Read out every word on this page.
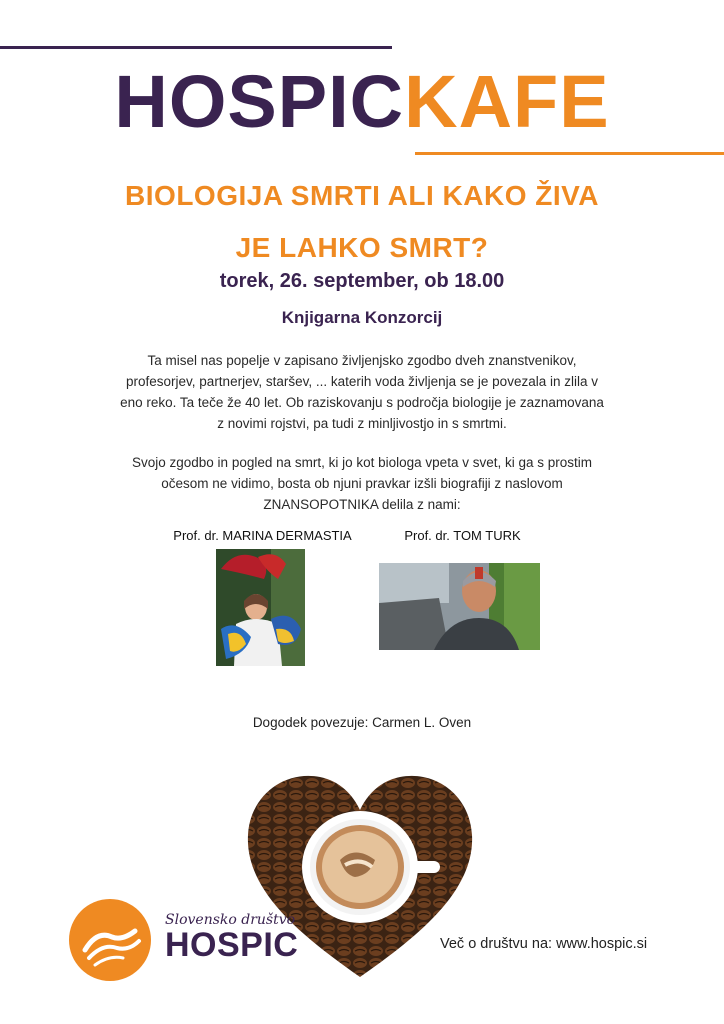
HOSPICKAFE
BIOLOGIJA SMRTI ALI KAKO ŽIVA
JE LAHKO SMRT?
torek, 26. september, ob 18.00
Knjigarna Konzorcij
Ta misel nas popelje v zapisano življenjsko zgodbo dveh znanstvenikov,
profesorjev, partnerjev, staršev, ... katerih voda življenja se je povezala in zlila v
eno reko. Ta teče že 40 let. Ob raziskovanju s področja biologije je zaznamovana
z novimi rojstvi, pa tudi z minljivostjo in s smrtmi.
Svojo zgodbo in pogled na smrt, ki jo kot biologa vpeta v svet, ki ga s prostim
očesom ne vidimo, bosta ob njuni pravkar izšli biografiji z naslovom
ZNANSOPOTNIKA delila z nami:
Prof. dr. MARINA DERMASTIA	Prof. dr. TOM TURK
Dogodek povezuje: Carmen L. Oven
Slovensko društvo
HOSPIC	Več o društvu na: www.hospic.si
